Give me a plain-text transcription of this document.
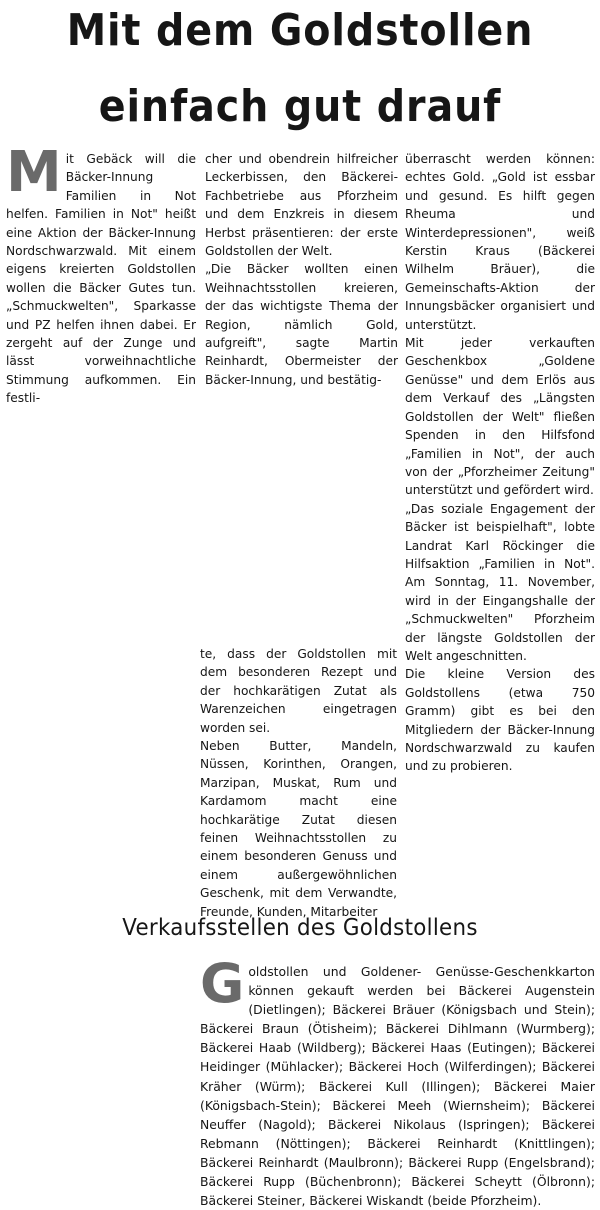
Mit dem Goldstollen
einfach gut drauf
M it Gebäck will die Bäcker-Innung Familien in Not helfen. Familien in Not" heißt eine Aktion der Bäcker-Innung Nordschwarzwald. Mit einem eigens kreierten Goldstollen wollen die Bäcker Gutes tun. „Schmuckwelten", Sparkasse und PZ helfen ihnen dabei. Er zergeht auf der Zunge und lässt vorweihnachtliche Stimmung aufkommen. Ein festli-

cher und obendrein hilfreicher Leckerbissen, den Bäckerei-Fachbetriebe aus Pforzheim und dem Enzkreis in diesem Herbst präsentieren: der erste Goldstollen der Welt.

„Die Bäcker wollten einen Weihnachtsstollen kreieren, der das wichtigste Thema der Region, nämlich Gold, aufgreift", sagte Martin Reinhardt, Obermeister der Bäcker-Innung, und bestätig-

te, dass der Goldstollen mit dem besonderen Rezept und der hochkarätigen Zutat als Warenzeichen eingetragen worden sei.

Neben Butter, Mandeln, Nüssen, Korinthen, Orangen, Marzipan, Muskat, Rum und Kardamom macht eine hochkarätige Zutat diesen feinen Weihnachtsstollen zu einem besonderen Genuss und einem außergewöhnlichen Geschenk, mit dem Verwandte, Freunde, Kunden, Mitarbeiter

überrascht werden können: echtes Gold. „Gold ist essbar und gesund. Es hilft gegen Rheuma und Winterdepressionen", weiß Kerstin Kraus (Bäckerei Wilhelm Bräuer), die Gemeinschafts-Aktion der Innungsbäcker organisiert und unterstützt.

Mit jeder verkauften Geschenkbox „Goldene Genüsse" und dem Erlös aus dem Verkauf des „Längsten Goldstollen der Welt" fließen Spenden in den Hilfsfond „Familien in Not", der auch von der „Pforzheimer Zeitung" unterstützt und gefördert wird.

„Das soziale Engagement der Bäcker ist beispielhaft", lobte Landrat Karl Röckinger die Hilfsaktion „Familien in Not". Am Sonntag, 11. November, wird in der Eingangshalle der „Schmuckwelten" Pforzheim der längste Goldstollen der Welt angeschnitten.

Die kleine Version des Goldstollens (etwa 750 Gramm) gibt es bei den Mitgliedern der Bäcker-Innung Nordschwarzwald zu kaufen und zu probieren.

Verkaufsstellen des Goldstollens
G oldstollen und Goldener- Genüsse-Geschenkkarton können gekauft werden bei Bäckerei Augenstein (Dietlingen); Bäckerei Bräuer (Königsbach und Stein); Bäckerei Braun (Ötisheim); Bäckerei Dihlmann (Wurmberg); Bäckerei Haab (Wildberg); Bäckerei Haas (Eutingen); Bäckerei Heidinger (Mühlacker); Bäckerei Hoch (Wilferdingen); Bäckerei Kräher (Würm); Bäckerei Kull (Illingen); Bäckerei Maier (Königsbach-Stein); Bäckerei Meeh (Wiernsheim); Bäckerei Neuffer (Nagold); Bäckerei Nikolaus (Ispringen); Bäckerei Rebmann (Nöttingen); Bäckerei Reinhardt (Knittlingen); Bäckerei Reinhardt (Maulbronn); Bäckerei Rupp (Engelsbrand); Bäckerei Rupp (Büchenbronn); Bäckerei Scheytt (Ölbronn); Bäckerei Steiner, Bäckerei Wiskandt (beide Pforzheim).
